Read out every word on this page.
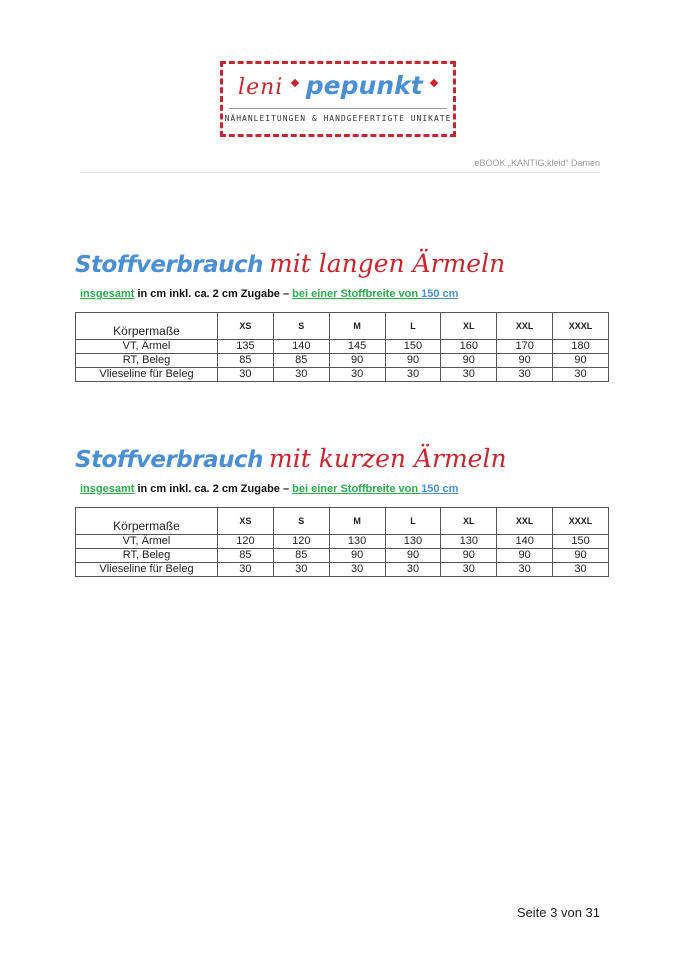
leni pepunkt
NÄHANLEITUNGEN & HANDGEFERTIGTE UNIKATE
eBOOK „KANTIG.kleid“ Damen
Stoffverbrauch mit langen Ärmeln
insgesamt in cm inkl. ca. 2 cm Zugabe – bei einer Stoffbreite von 150 cm
Körpermaße	XS	S	M	L	XL	XXL	XXXL
VT, Ärmel	135	140	145	150	160	170	180
RT, Beleg	85	85	90	90	90	90	90
Vlieseline für Beleg	30	30	30	30	30	30	30
Stoffverbrauch mit kurzen Ärmeln
insgesamt in cm inkl. ca. 2 cm Zugabe – bei einer Stoffbreite von 150 cm
Körpermaße	XS	S	M	L	XL	XXL	XXXL
VT, Ärmel	120	120	130	130	130	140	150
RT, Beleg	85	85	90	90	90	90	90
Vlieseline für Beleg	30	30	30	30	30	30	30
Seite 3 von 31
